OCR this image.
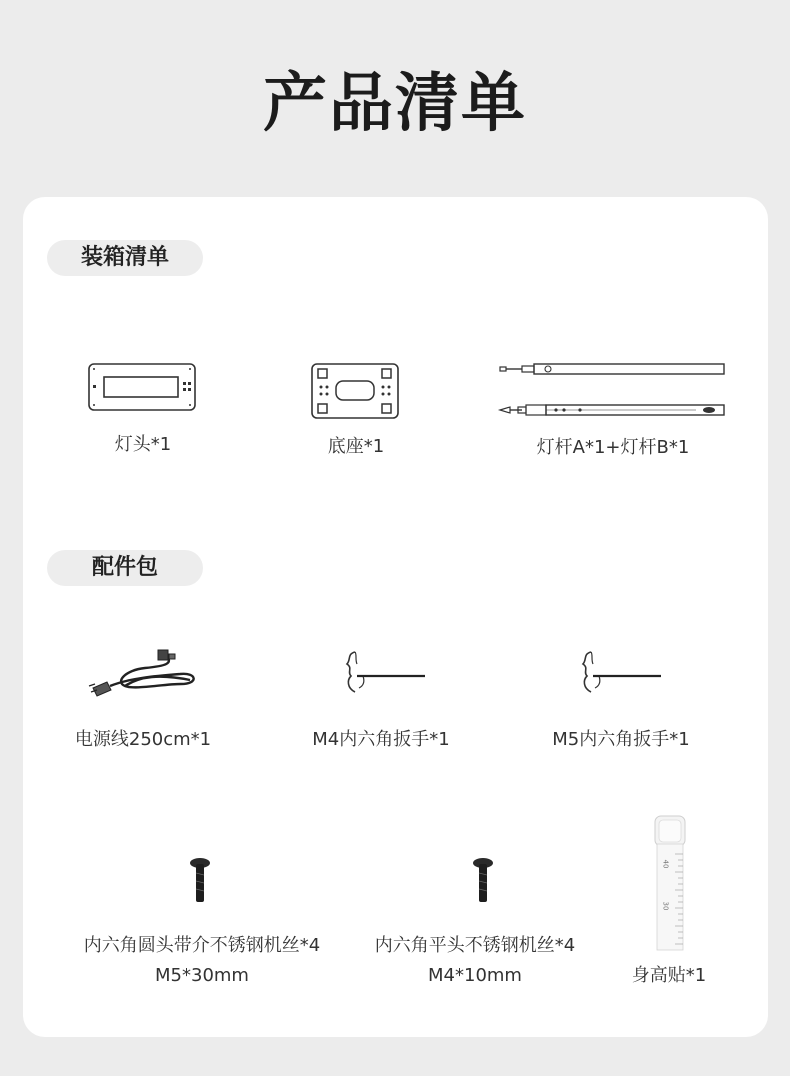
产品清单
装箱清单
灯头*1	底座*1	灯杆A*1+灯杆B*1
配件包
电源线250cm*1	M4内六角扳手*1	M5内六角扳手*1
内六角圆头带介不锈钢机丝*4
M5*30mm
内六角平头不锈钢机丝*4
M4*10mm
40
30
身高贴*1
